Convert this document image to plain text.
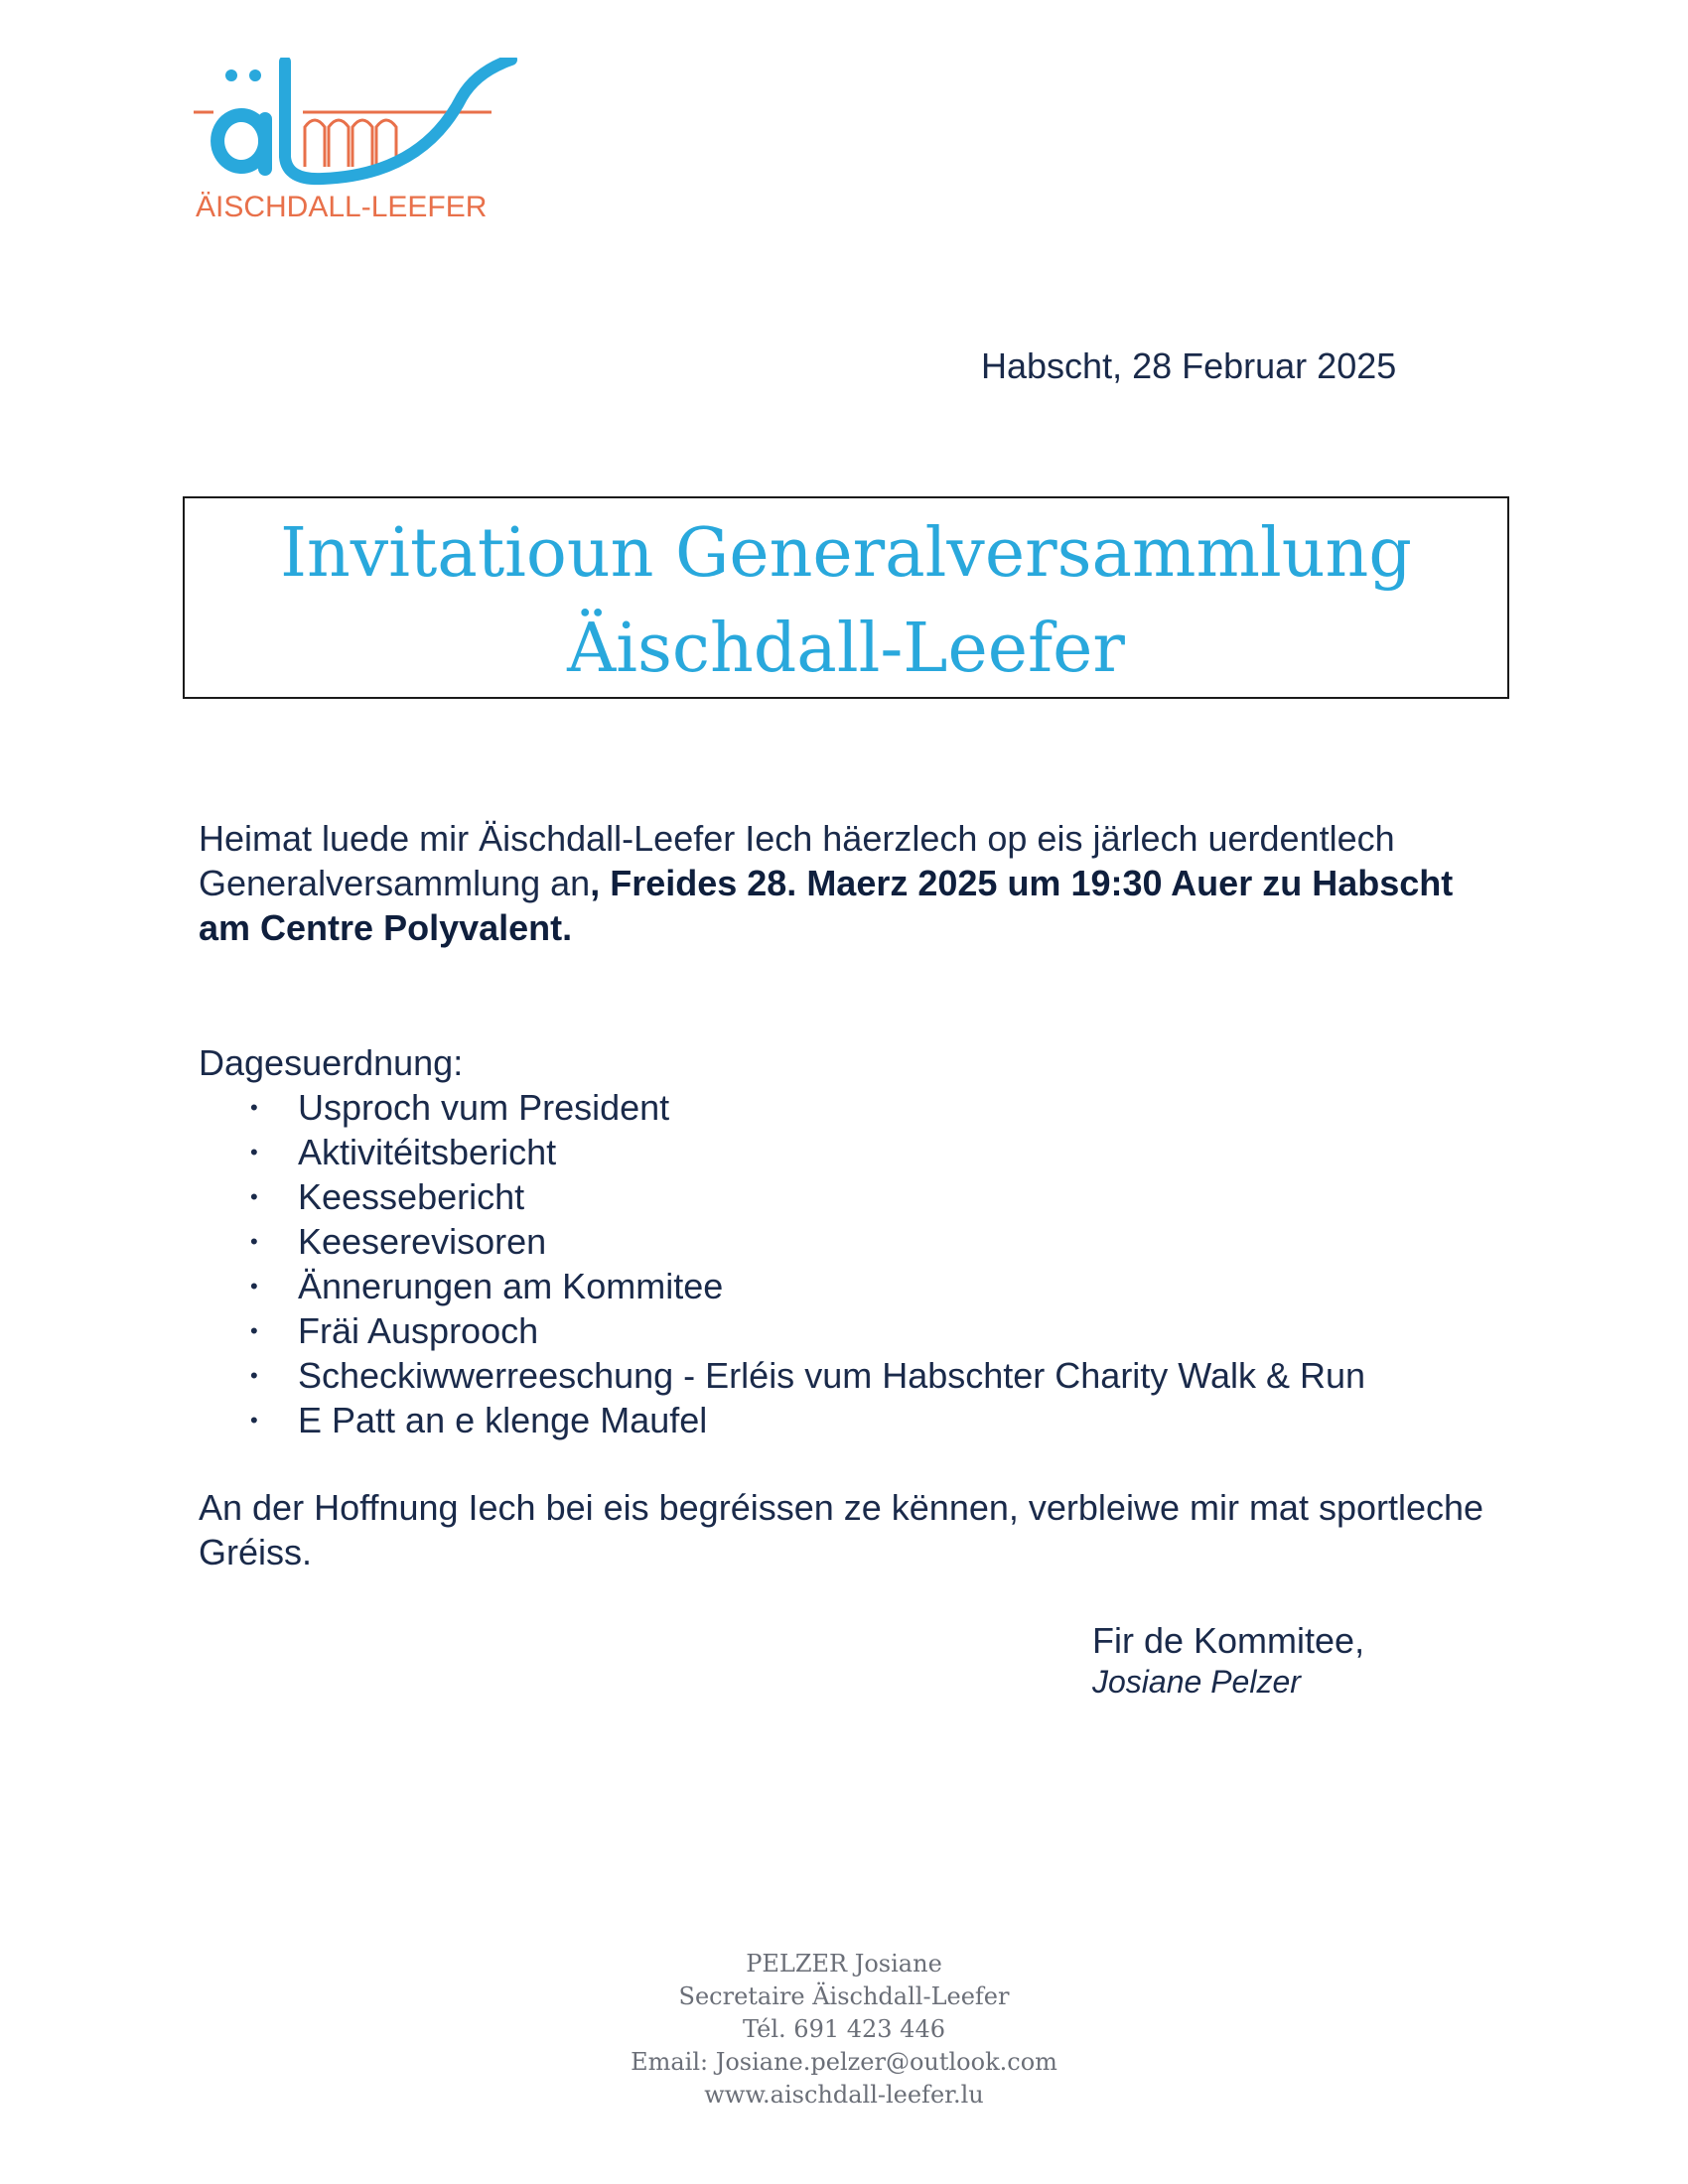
ÄISCHDALL-LEEFER
Habscht, 28 Februar 2025
Invitatioun Generalversammlung
Äischdall-Leefer
Heimat luede mir Äischdall-Leefer Iech häerzlech op eis järlech uerdentlech Generalversammlung an, Freides 28. Maerz 2025 um 19:30 Auer zu Habscht am Centre Polyvalent.
Dagesuerdnung:
• Usproch vum President
• Aktivitéitsbericht
• Keessebericht
• Keeserevisoren
• Ännerungen am Kommitee
• Fräi Ausprooch
• Scheckiwwerreeschung - Erléis vum Habschter Charity Walk & Run
• E Patt an e klenge Maufel
An der Hoffnung Iech bei eis begréissen ze kënnen, verbleiwe mir mat sportleche Gréiss.
Fir de Kommitee,
Josiane Pelzer
PELZER Josiane
Secretaire Äischdall-Leefer
Tél. 691 423 446
Email: Josiane.pelzer@outlook.com
www.aischdall-leefer.lu
